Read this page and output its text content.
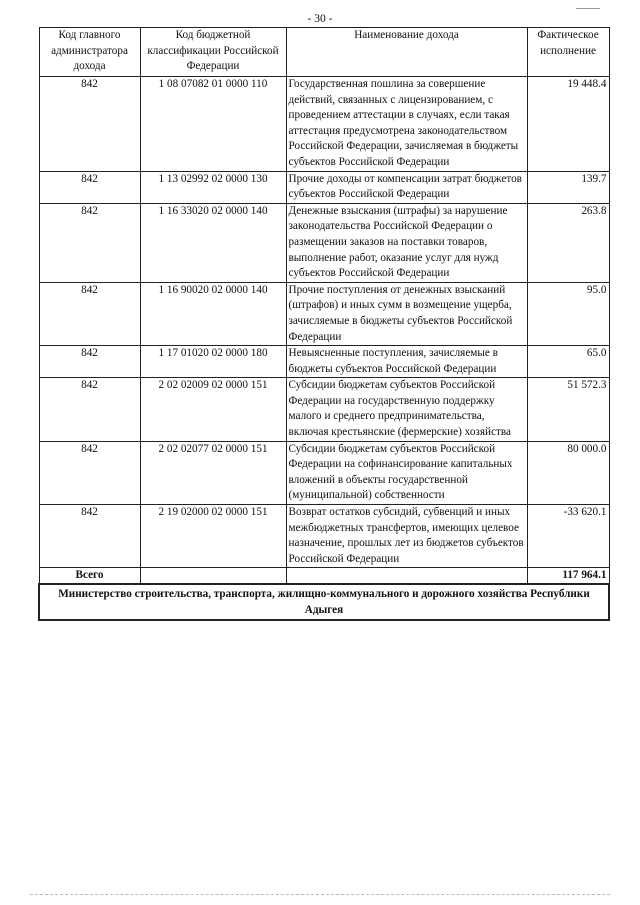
- 30 -
Код главного администратора дохода	Код бюджетной классификации Российской Федерации	Наименование дохода	Фактическое исполнение
842	1 08 07082 01 0000 110	Государственная пошлина за совершение действий, связанных с лицензированием, с проведением аттестации в случаях, если такая аттестация предусмотрена законодательством Российской Федерации, зачисляемая в бюджеты субъектов Российской Федерации	19 448.4
842	1 13 02992 02 0000 130	Прочие доходы от компенсации затрат бюджетов субъектов Российской Федерации	139.7
842	1 16 33020 02 0000 140	Денежные взыскания (штрафы) за нарушение законодательства Российской Федерации о размещении заказов на поставки товаров, выполнение работ, оказание услуг для нужд субъектов Российской Федерации	263.8
842	1 16 90020 02 0000 140	Прочие поступления от денежных взысканий (штрафов) и иных сумм в возмещение ущерба, зачисляемые в бюджеты субъектов Российской Федерации	95.0
842	1 17 01020 02 0000 180	Невыясненные поступления, зачисляемые в бюджеты субъектов Российской Федерации	65.0
842	2 02 02009 02 0000 151	Субсидии бюджетам субъектов Российской Федерации на государственную поддержку малого и среднего предпринимательства, включая крестьянские (фермерские) хозяйства	51 572.3
842	2 02 02077 02 0000 151	Субсидии бюджетам субъектов Российской Федерации на софинансирование капитальных вложений в объекты государственной (муниципальной) собственности	80 000.0
842	2 19 02000 02 0000 151	Возврат остатков субсидий, субвенций и иных межбюджетных трансфертов, имеющих целевое назначение, прошлых лет из бюджетов субъектов Российской Федерации	-33 620.1
Всего			117 964.1
Министерство строительства, транспорта, жилищно-коммунального и дорожного хозяйства Республики Адыгея			
